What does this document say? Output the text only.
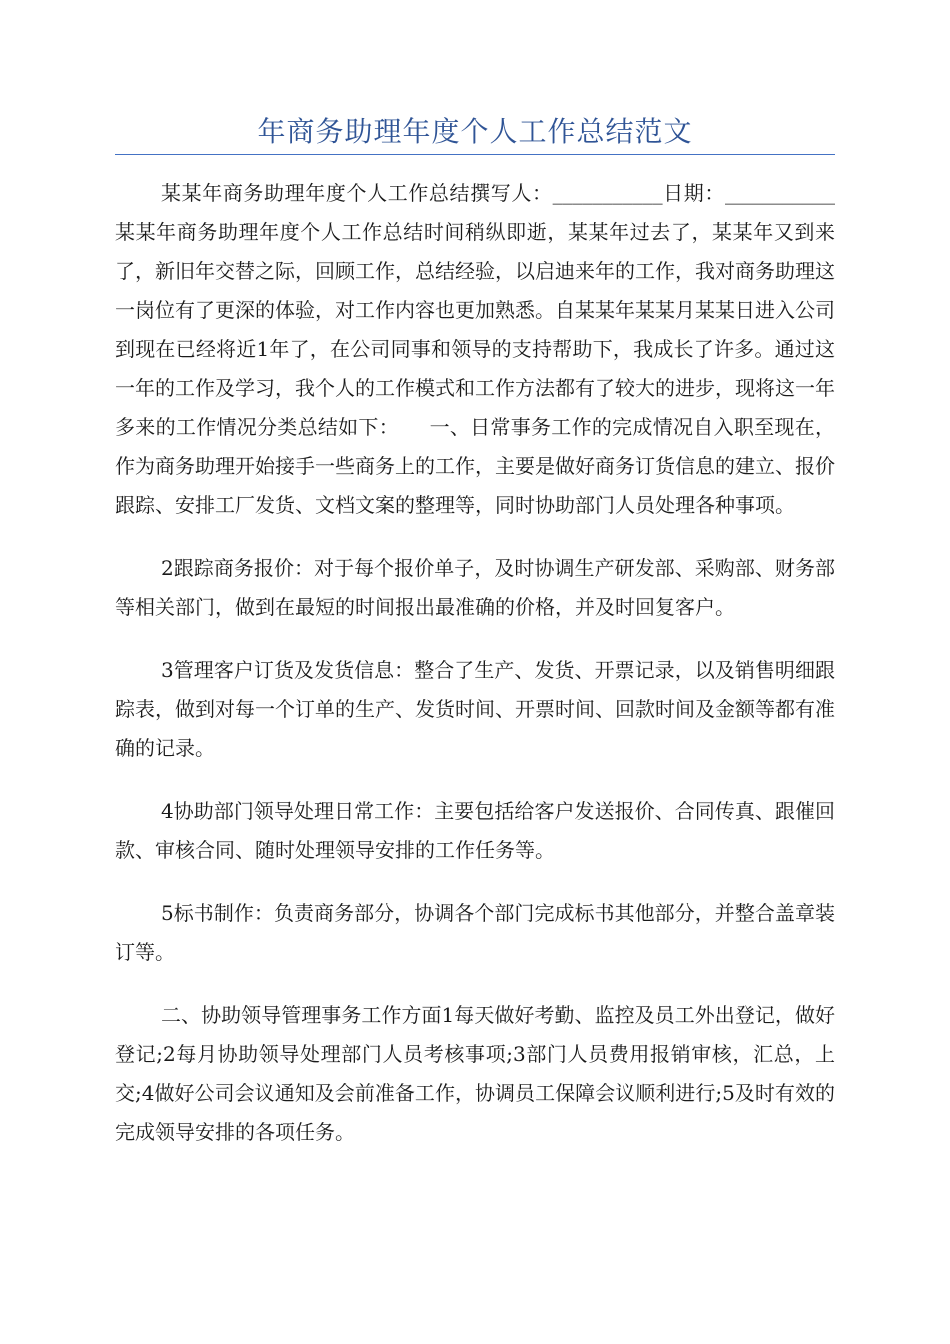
年商务助理年度个人工作总结范文

某某年商务助理年度个人工作总结撰写人：___________日期：___________某某年商务助理年度个人工作总结时间稍纵即逝，某某年过去了，某某年又到来了，新旧年交替之际，回顾工作，总结经验，以启迪来年的工作，我对商务助理这一岗位有了更深的体验，对工作内容也更加熟悉。自某某年某某月某某日进入公司到现在已经将近1年了，在公司同事和领导的支持帮助下，我成长了许多。通过这一年的工作及学习，我个人的工作模式和工作方法都有了较大的进步，现将这一年多来的工作情况分类总结如下：　　一、日常事务工作的完成情况自入职至现在，作为商务助理开始接手一些商务上的工作，主要是做好商务订货信息的建立、报价跟踪、安排工厂发货、文档文案的整理等，同时协助部门人员处理各种事项。

2跟踪商务报价：对于每个报价单子，及时协调生产研发部、采购部、财务部等相关部门，做到在最短的时间报出最准确的价格，并及时回复客户。

3管理客户订货及发货信息：整合了生产、发货、开票记录，以及销售明细跟踪表，做到对每一个订单的生产、发货时间、开票时间、回款时间及金额等都有准确的记录。

4协助部门领导处理日常工作：主要包括给客户发送报价、合同传真、跟催回款、审核合同、随时处理领导安排的工作任务等。

5标书制作：负责商务部分，协调各个部门完成标书其他部分，并整合盖章装订等。

二、协助领导管理事务工作方面1每天做好考勤、监控及员工外出登记，做好登记;2每月协助领导处理部门人员考核事项;3部门人员费用报销审核，汇总，上交;4做好公司会议通知及会前准备工作，协调员工保障会议顺利进行;5及时有效的完成领导安排的各项任务。
